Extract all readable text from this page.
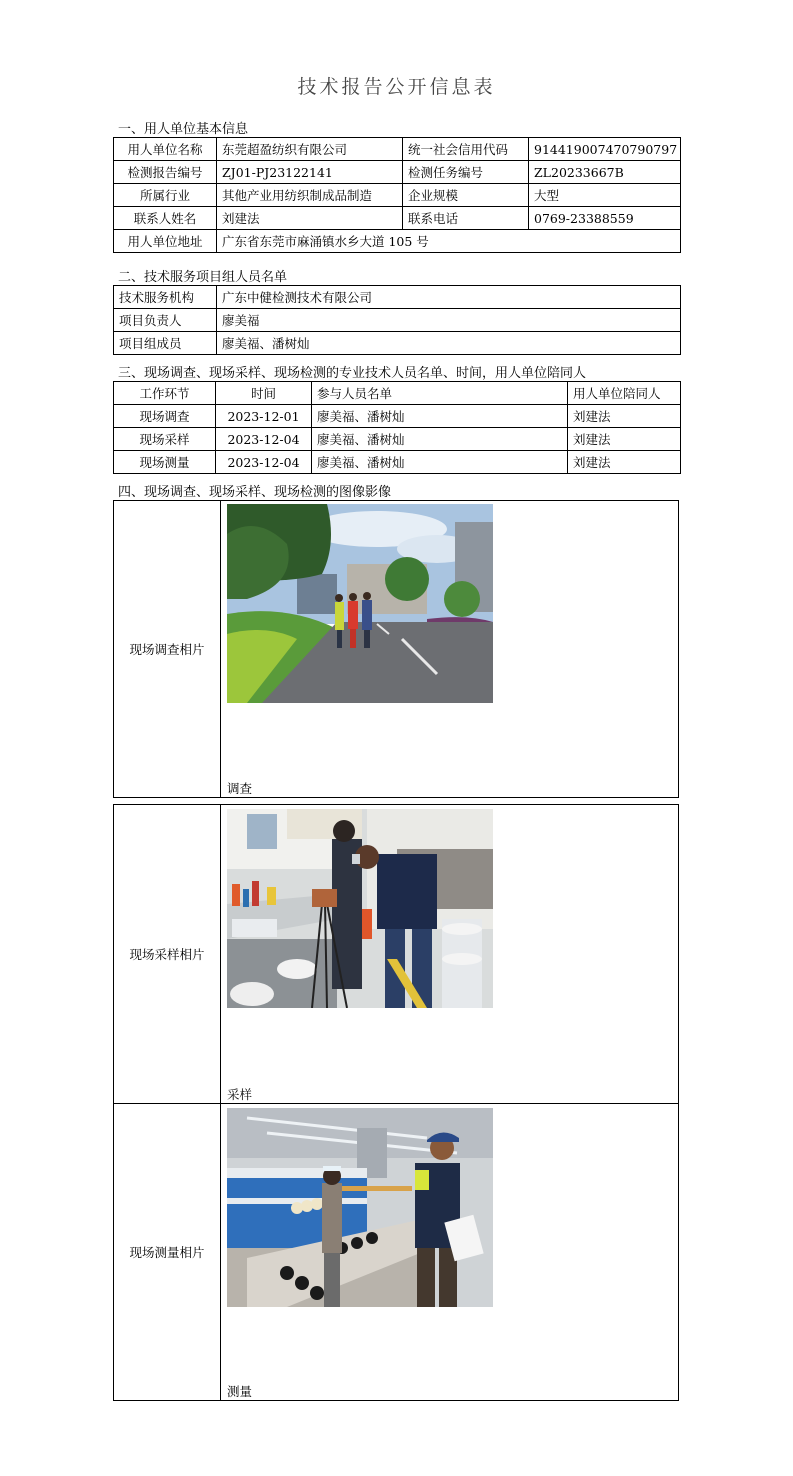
技术报告公开信息表
一、用人单位基本信息
用人单位名称	东莞超盈纺织有限公司	统一社会信用代码	914419007470790797
检测报告编号	ZJ01-PJ23122141	检测任务编号	ZL20233667B
所属行业	其他产业用纺织制成品制造	企业规模	大型
联系人姓名	刘建法	联系电话	0769-23388559
用人单位地址	广东省东莞市麻涌镇水乡大道 105 号		
二、技术服务项目组人员名单
技术服务机构	广东中健检测技术有限公司
项目负责人	廖美福
项目组成员	廖美福、潘树灿
三、现场调查、现场采样、现场检测的专业技术人员名单、时间，用人单位陪同人
工作环节	时间	参与人员名单	用人单位陪同人
现场调查	2023-12-01	廖美福、潘树灿	刘建法
现场采样	2023-12-04	廖美福、潘树灿	刘建法
现场测量	2023-12-04	廖美福、潘树灿	刘建法
四、现场调查、现场采样、现场检测的图像影像
现场调查相片
调查
现场采样相片
采样
现场测量相片
测量
